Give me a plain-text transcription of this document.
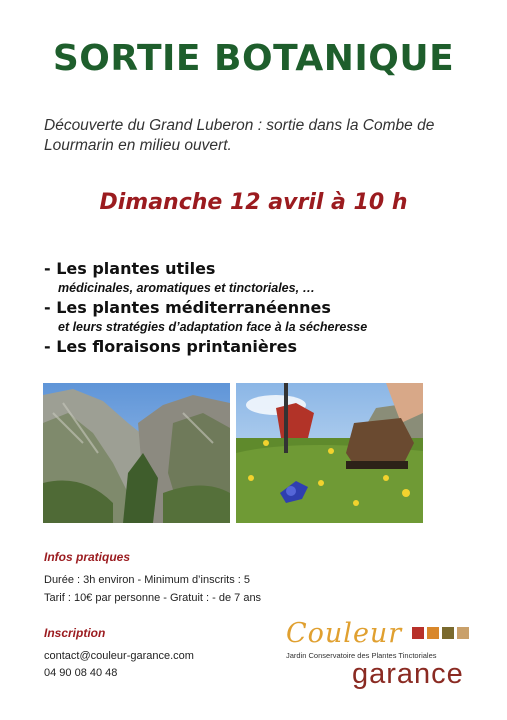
SORTIE BOTANIQUE
Découverte du Grand Luberon : sortie dans la Combe de Lourmarin en milieu ouvert.
Dimanche 12 avril à 10 h
- Les plantes utiles
médicinales, aromatiques et tinctoriales, …
- Les plantes méditerranéennes
et leurs stratégies d’adaptation face à la sécheresse
- Les floraisons printanières
Infos pratiques
Durée : 3h environ - Minimum d’inscrits : 5
Tarif : 10€ par personne - Gratuit : - de 7 ans
Inscription
contact@couleur-garance.com
04 90 08 40 48
Couleur
Jardin Conservatoire des Plantes Tinctoriales
garance
